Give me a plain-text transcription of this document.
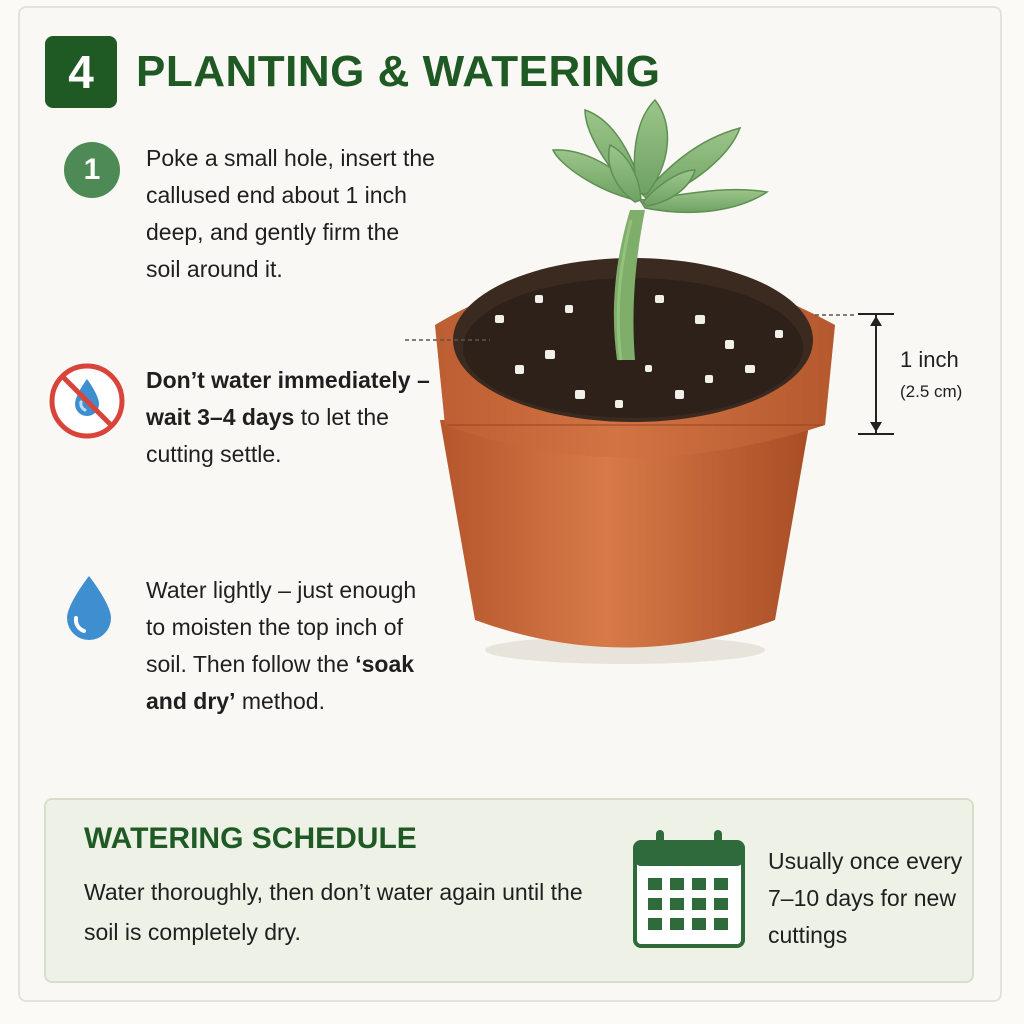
4 PLANTING & WATERING
1	Poke a small hole, insert the callused end about 1 inch deep, and gently firm the soil around it.
Don’t water immediately – wait 3–4 days to let the cutting settle.
Water lightly – just enough to moisten the top inch of soil. Then follow the ‘soak and dry’ method.
1 inch
(2.5 cm)
WATERING SCHEDULE
Water thoroughly, then don’t water again until the soil is completely dry.
Usually once every 7–10 days for new cuttings
